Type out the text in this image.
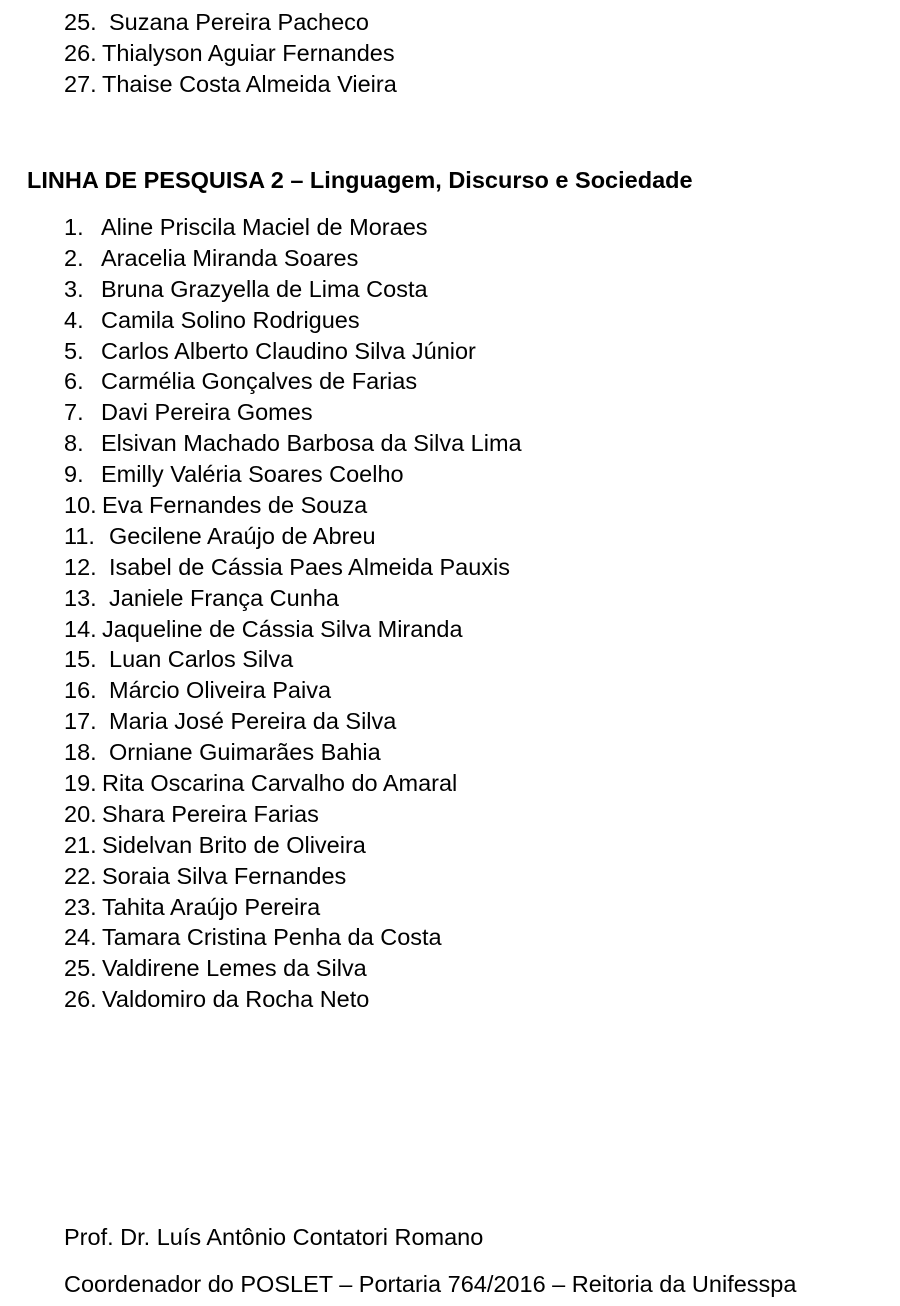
25. Suzana Pereira Pacheco
26. Thialyson Aguiar Fernandes
27. Thaise Costa Almeida Vieira
LINHA DE PESQUISA 2 – Linguagem, Discurso e Sociedade
1. Aline Priscila Maciel de Moraes
2. Aracelia Miranda Soares
3. Bruna Grazyella de Lima Costa
4. Camila Solino Rodrigues
5. Carlos Alberto Claudino Silva Júnior
6. Carmélia Gonçalves de Farias
7. Davi Pereira Gomes
8. Elsivan Machado Barbosa da Silva Lima
9. Emilly Valéria Soares Coelho
10. Eva Fernandes de Souza
11. Gecilene Araújo de Abreu
12. Isabel de Cássia Paes Almeida Pauxis
13. Janiele França Cunha
14. Jaqueline de Cássia Silva Miranda
15. Luan Carlos Silva
16. Márcio Oliveira Paiva
17. Maria José Pereira da Silva
18. Orniane Guimarães Bahia
19. Rita Oscarina Carvalho do Amaral
20. Shara Pereira Farias
21. Sidelvan Brito de Oliveira
22. Soraia Silva Fernandes
23. Tahita Araújo Pereira
24. Tamara Cristina Penha da Costa
25. Valdirene Lemes da Silva
26. Valdomiro da Rocha Neto
Prof. Dr. Luís Antônio Contatori Romano
Coordenador do POSLET – Portaria 764/2016 – Reitoria da Unifesspa
